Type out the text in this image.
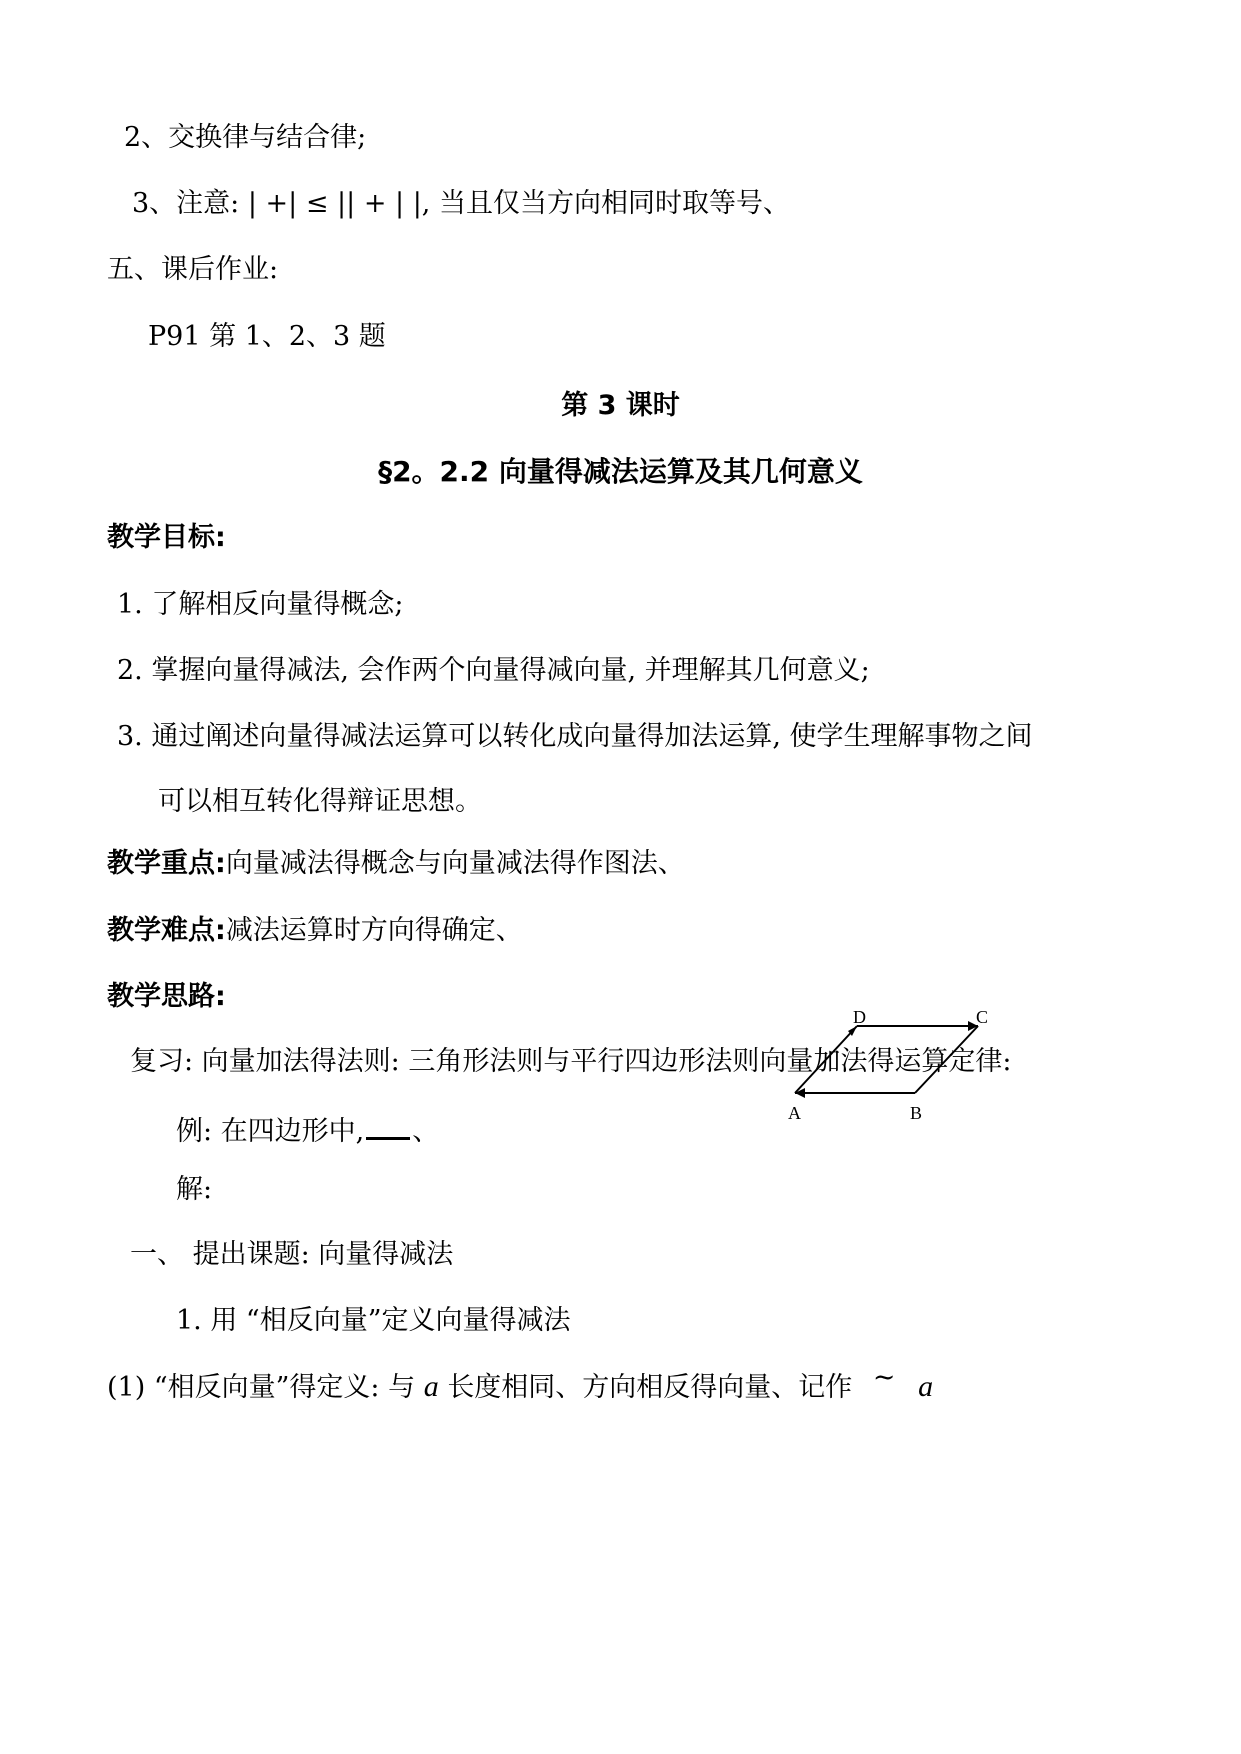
2、交换律与结合律;
3、注意: | +| ≤ || + | |, 当且仅当方向相同时取等号、
五、课后作业:
P91 第 1、2、3 题
第 3 课时
§2。2.2 向量得减法运算及其几何意义
教学目标:
1. 了解相反向量得概念;
2. 掌握向量得减法, 会作两个向量得减向量, 并理解其几何意义;
3. 通过阐述向量得减法运算可以转化成向量得加法运算, 使学生理解事物之间
可以相互转化得辩证思想。
教学重点:向量减法得概念与向量减法得作图法、
教学难点:减法运算时方向得确定、
教学思路:
A	B
C
D
复习: 向量加法得法则: 三角形法则与平行四边形法则向量加法得运算定律:
例: 在四边形中, 、
解:
一、 提出课题: 向量得减法
1. 用 “相反向量”定义向量得减法
(1) “相反向量”得定义: 与 a 长度相同、方向相反得向量、记作 ~ a
